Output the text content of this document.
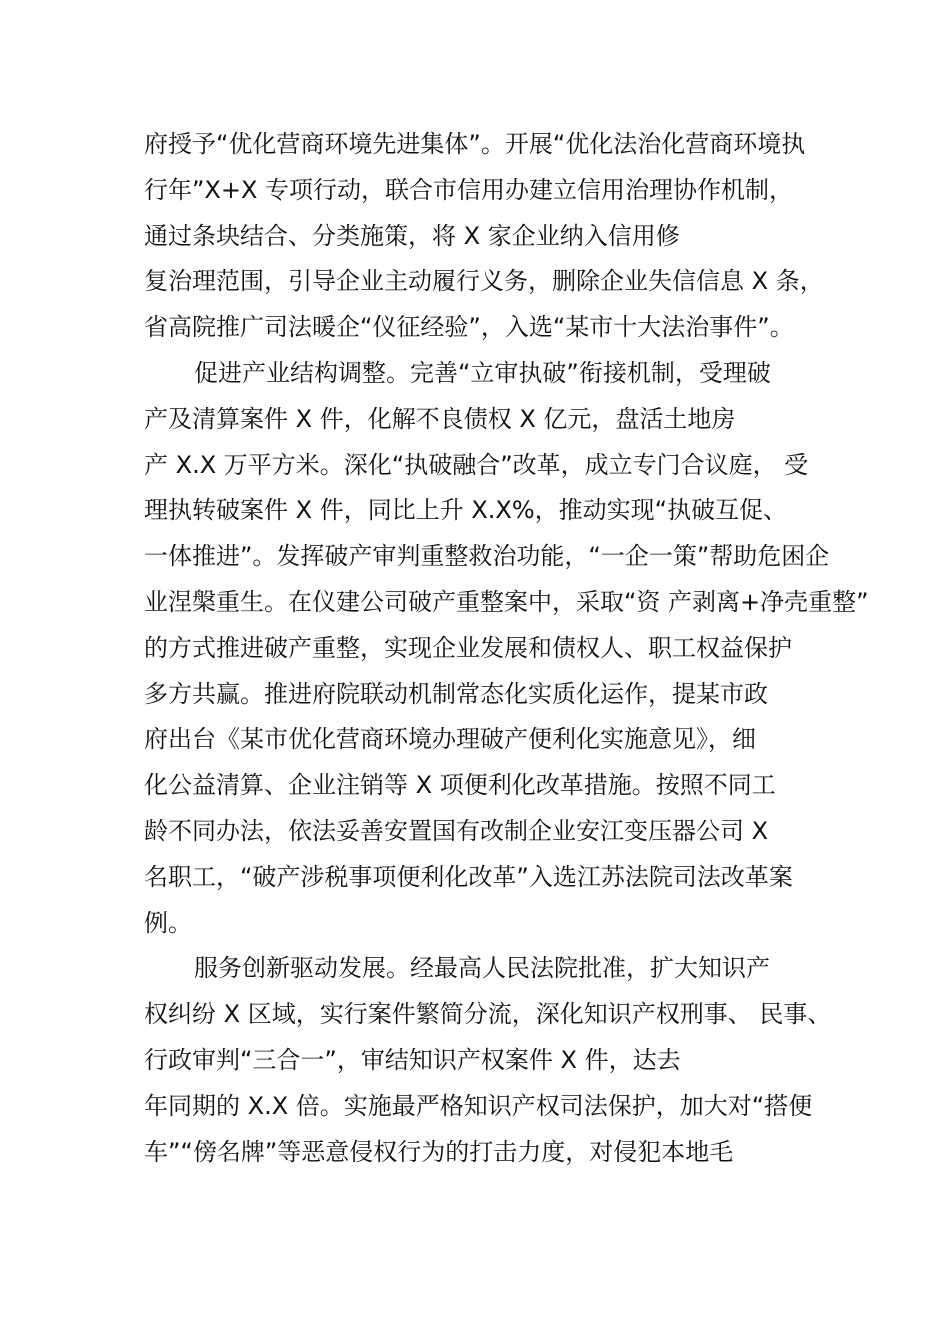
府授予“优化营商环境先进集体”。开展“优化法治化营商环境执
行年”X+X 专项行动，联合市信用办建立信用治理协作机制，
通过条块结合、分类施策，将 X 家企业纳入信用修
复治理范围，引导企业主动履行义务，删除企业失信信息 X 条，
省高院推广司法暖企“仪征经验”，入选“某市十大法治事件”。
促进产业结构调整。完善“立审执破”衔接机制，受理破
产及清算案件 X 件，化解不良债权 X 亿元，盘活土地房
产 X.X 万平方米。深化“执破融合”改革，成立专门合议庭， 受
理执转破案件 X 件，同比上升 X.X%，推动实现“执破互促、
一体推进”。发挥破产审判重整救治功能，“一企一策”帮助危困企
业涅槃重生。在仪建公司破产重整案中，采取“资 产剥离+净壳重整”
的方式推进破产重整，实现企业发展和债权人、职工权益保护
多方共赢。推进府院联动机制常态化实质化运作，提某市政
府出台《某市优化营商环境办理破产便利化实施意见》，细
化公益清算、企业注销等 X 项便利化改革措施。按照不同工
龄不同办法，依法妥善安置国有改制企业安江变压器公司 X
名职工，“破产涉税事项便利化改革”入选江苏法院司法改革案
例。
服务创新驱动发展。经最高人民法院批准，扩大知识产
权纠纷 X 区域，实行案件繁简分流，深化知识产权刑事、 民事、
行政审判“三合一”，审结知识产权案件 X 件，达去
年同期的 X.X 倍。实施最严格知识产权司法保护，加大对“搭便
车”“傍名牌”等恶意侵权行为的打击力度，对侵犯本地毛
